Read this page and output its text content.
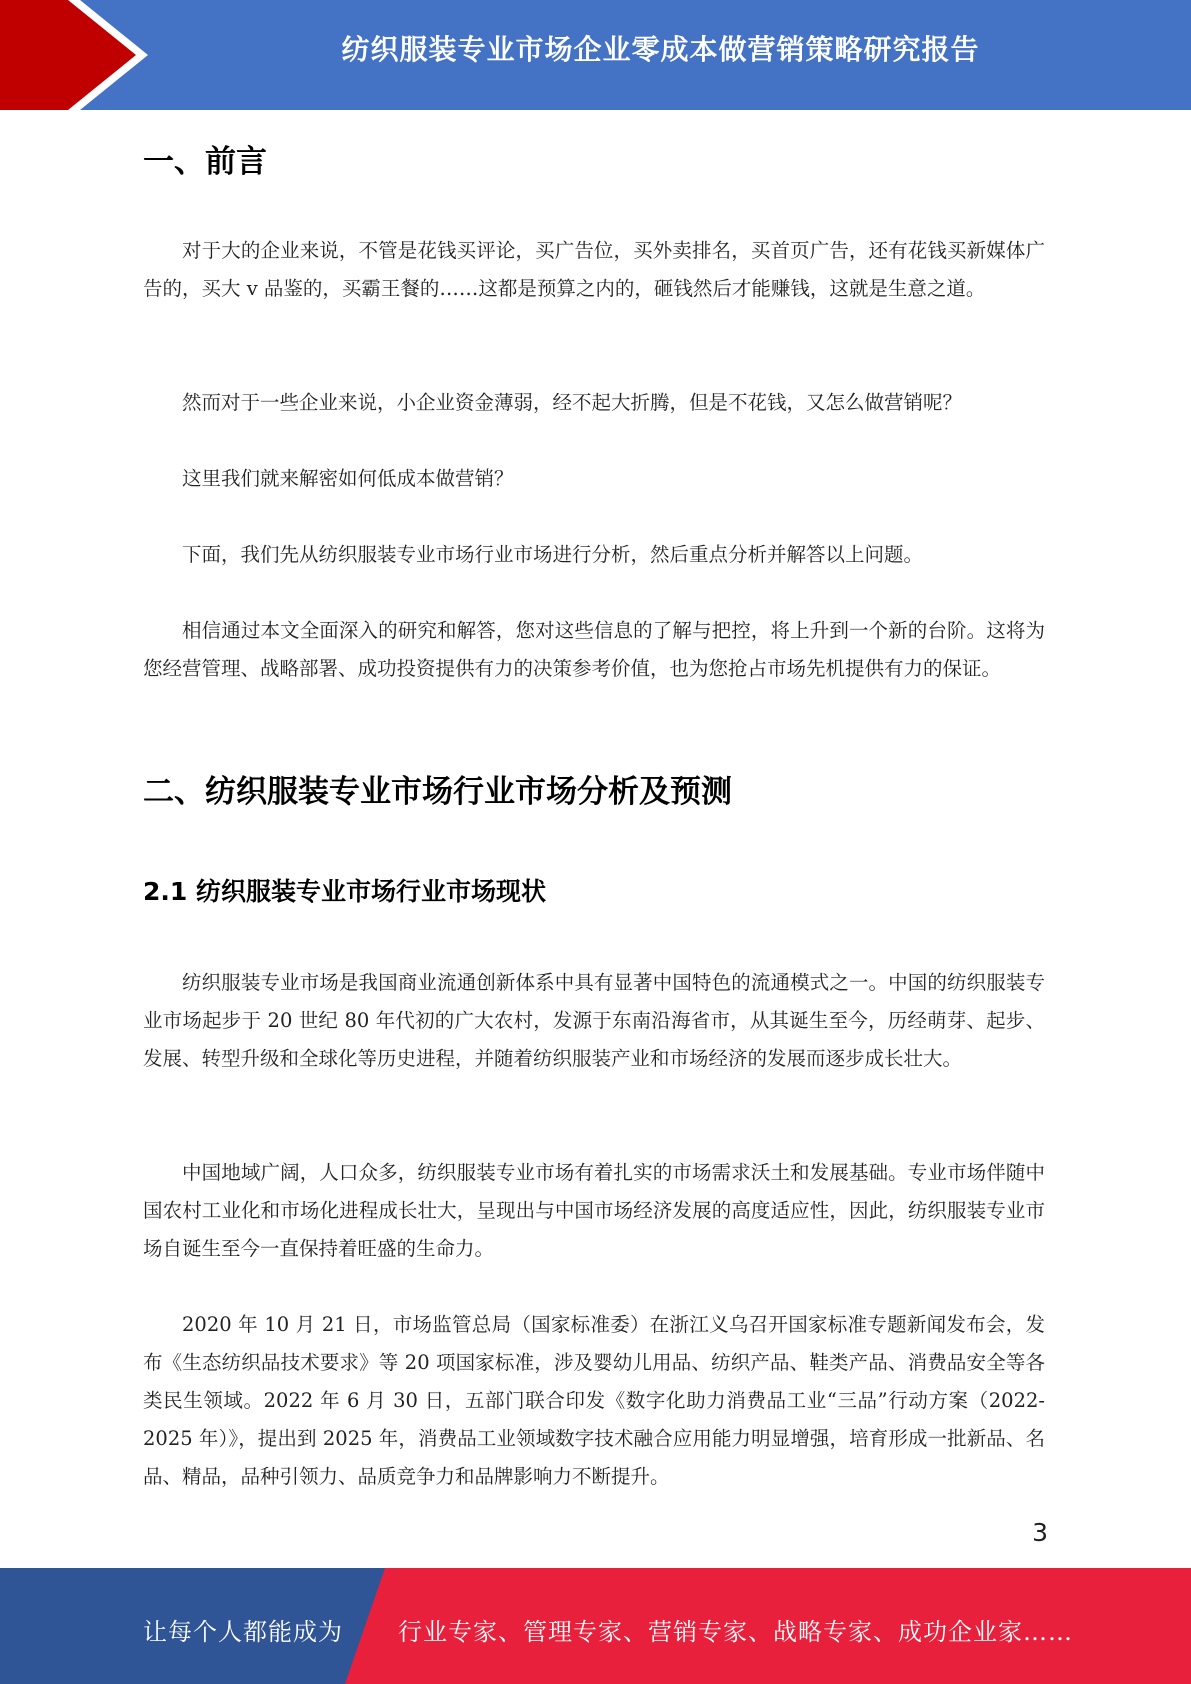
纺织服装专业市场企业零成本做营销策略研究报告
一、前言

对于大的企业来说，不管是花钱买评论，买广告位，买外卖排名，买首页广告，还有花钱买新媒体广告的，买大 v 品鉴的，买霸王餐的……这都是预算之内的，砸钱然后才能赚钱，这就是生意之道。

然而对于一些企业来说，小企业资金薄弱，经不起大折腾，但是不花钱，又怎么做营销呢？

这里我们就来解密如何低成本做营销？

下面，我们先从纺织服装专业市场行业市场进行分析，然后重点分析并解答以上问题。

相信通过本文全面深入的研究和解答，您对这些信息的了解与把控，将上升到一个新的台阶。这将为您经营管理、战略部署、成功投资提供有力的决策参考价值，也为您抢占市场先机提供有力的保证。

二、纺织服装专业市场行业市场分析及预测
2.1 纺织服装专业市场行业市场现状

纺织服装专业市场是我国商业流通创新体系中具有显著中国特色的流通模式之一。中国的纺织服装专业市场起步于 20 世纪 80 年代初的广大农村，发源于东南沿海省市，从其诞生至今，历经萌芽、起步、发展、转型升级和全球化等历史进程，并随着纺织服装产业和市场经济的发展而逐步成长壮大。

中国地域广阔，人口众多，纺织服装专业市场有着扎实的市场需求沃土和发展基础。专业市场伴随中国农村工业化和市场化进程成长壮大，呈现出与中国市场经济发展的高度适应性，因此，纺织服装专业市场自诞生至今一直保持着旺盛的生命力。

2020 年 10 月 21 日，市场监管总局（国家标准委）在浙江义乌召开国家标准专题新闻发布会，发布《生态纺织品技术要求》等 20 项国家标准，涉及婴幼儿用品、纺织产品、鞋类产品、消费品安全等各类民生领域。2022 年 6 月 30 日，五部门联合印发《数字化助力消费品工业“三品”行动方案（2022-2025 年）》，提出到 2025 年，消费品工业领域数字技术融合应用能力明显增强，培育形成一批新品、名品、精品，品种引领力、品质竞争力和品牌影响力不断提升。

3
让每个人都能成为 行业专家、管理专家、营销专家、战略专家、成功企业家……
